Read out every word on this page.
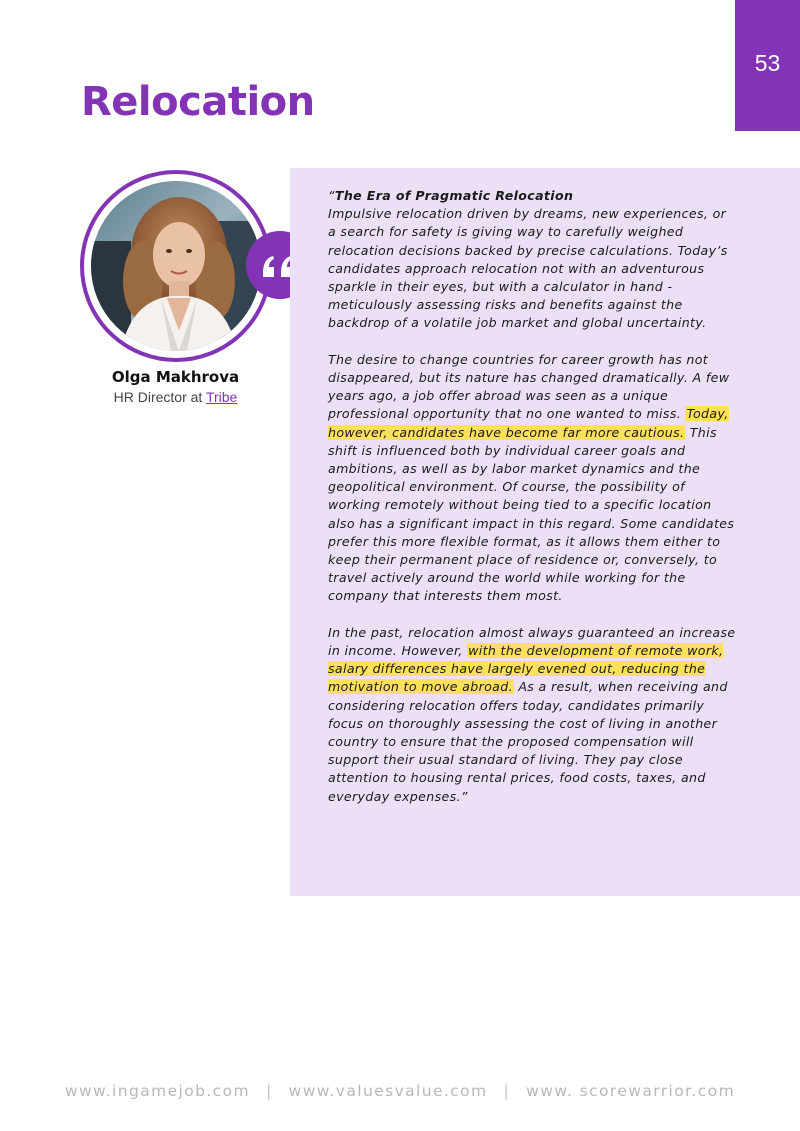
53
Relocation
Olga Makhrova
HR Director at Tribe

“The Era of Pragmatic Relocation
Impulsive relocation driven by dreams, new experiences, or a search for safety is giving way to carefully weighed relocation decisions backed by precise calculations. Today’s candidates approach relocation not with an adventurous sparkle in their eyes, but with a calculator in hand - meticulously assessing risks and benefits against the backdrop of a volatile job market and global uncertainty.

The desire to change countries for career growth has not disappeared, but its nature has changed dramatically. A few years ago, a job offer abroad was seen as a unique professional opportunity that no one wanted to miss. Today, however, candidates have become far more cautious. This shift is influenced both by individual career goals and ambitions, as well as by labor market dynamics and the geopolitical environment. Of course, the possibility of working remotely without being tied to a specific location also has a significant impact in this regard. Some candidates prefer this more flexible format, as it allows them either to keep their permanent place of residence or, conversely, to travel actively around the world while working for the company that interests them most.

In the past, relocation almost always guaranteed an increase in income. However, with the development of remote work, salary differences have largely evened out, reducing the motivation to move abroad. As a result, when receiving and considering relocation offers today, candidates primarily focus on thoroughly assessing the cost of living in another country to ensure that the proposed compensation will support their usual standard of living. They pay close attention to housing rental prices, food costs, taxes, and everyday expenses.”

www.ingamejob.com | www.valuesvalue.com | www. scorewarrior.com
